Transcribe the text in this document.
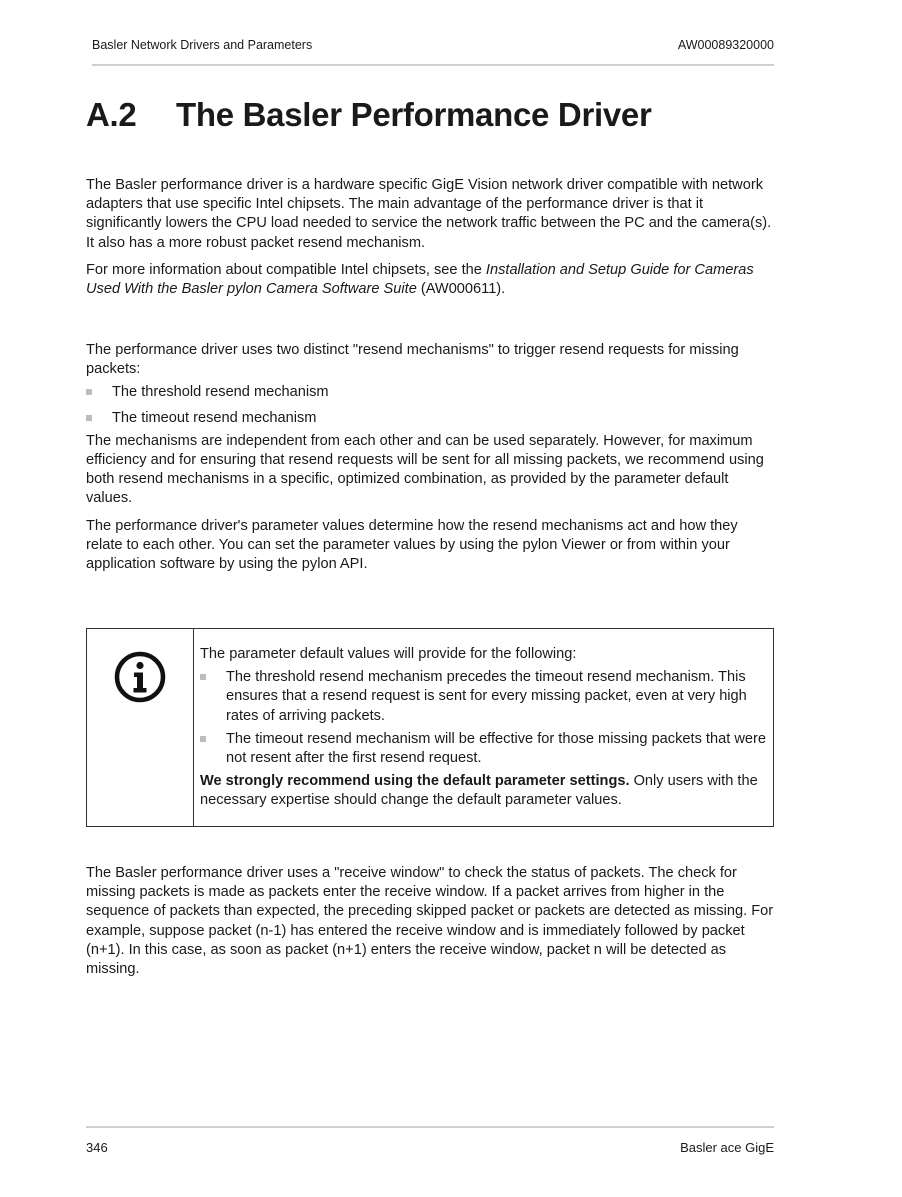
Basler Network Drivers and Parameters	AW00089320000
A.2 The Basler Performance Driver

The Basler performance driver is a hardware specific GigE Vision network driver compatible with network adapters that use specific Intel chipsets. The main advantage of the performance driver is that it significantly lowers the CPU load needed to service the network traffic between the PC and the camera(s). It also has a more robust packet resend mechanism.

For more information about compatible Intel chipsets, see the Installation and Setup Guide for Cameras Used With the Basler pylon Camera Software Suite (AW000611).

The performance driver uses two distinct "resend mechanisms" to trigger resend requests for missing packets:

The threshold resend mechanism
The timeout resend mechanism

The mechanisms are independent from each other and can be used separately. However, for maximum efficiency and for ensuring that resend requests will be sent for all missing packets, we recommend using both resend mechanisms in a specific, optimized combination, as provided by the parameter default values.

The performance driver's parameter values determine how the resend mechanisms act and how they relate to each other. You can set the parameter values by using the pylon Viewer or from within your application software by using the pylon API.

The parameter default values will provide for the following:

The threshold resend mechanism precedes the timeout resend mechanism. This ensures that a resend request is sent for every missing packet, even at very high rates of arriving packets.
The timeout resend mechanism will be effective for those missing packets that were not resent after the first resend request.

We strongly recommend using the default parameter settings. Only users with the necessary expertise should change the default parameter values.

The Basler performance driver uses a "receive window" to check the status of packets. The check for missing packets is made as packets enter the receive window. If a packet arrives from higher in the sequence of packets than expected, the preceding skipped packet or packets are detected as missing. For example, suppose packet (n-1) has entered the receive window and is immediately followed by packet (n+1). In this case, as soon as packet (n+1) enters the receive window, packet n will be detected as missing.

346	Basler ace GigE
